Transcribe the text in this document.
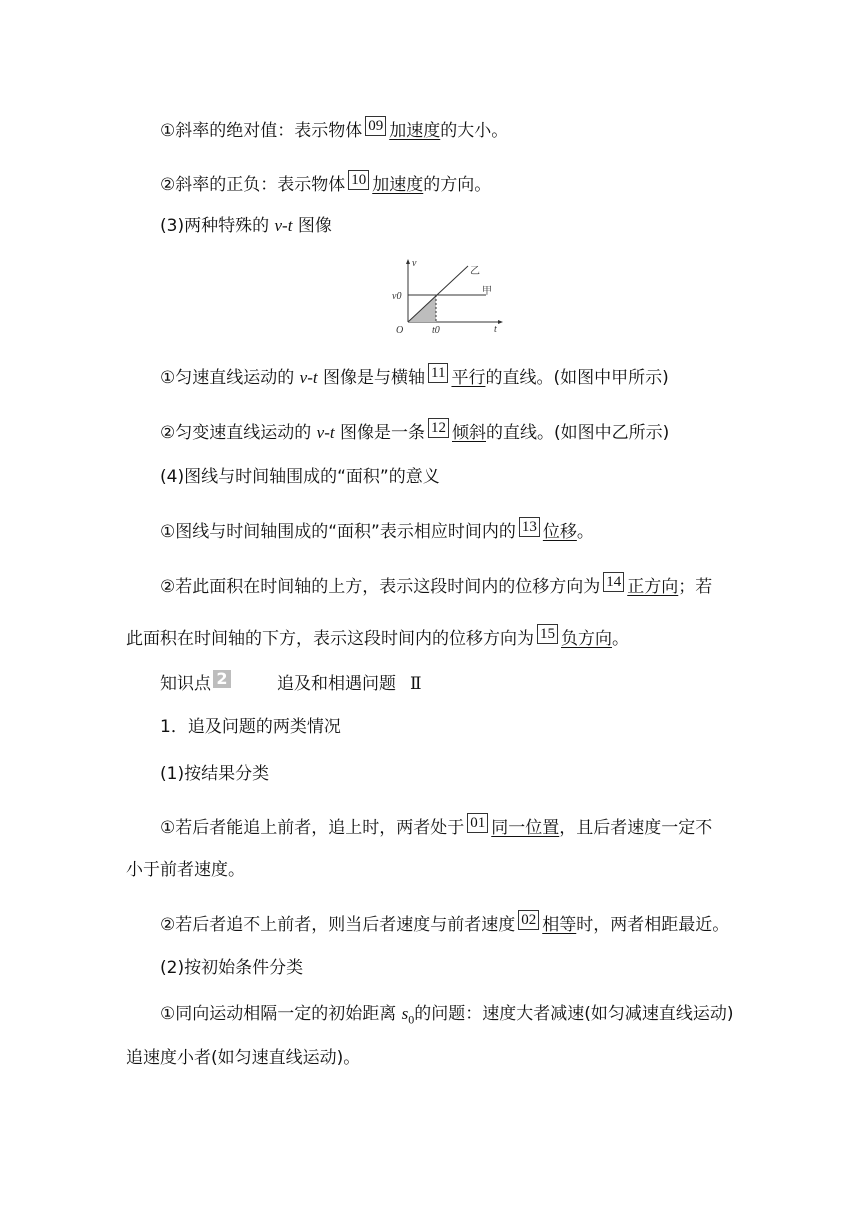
①斜率的绝对值：表示物体 09 加速度的大小。
②斜率的正负：表示物体 10 加速度的方向。
(3)两种特殊的 v-t 图像
v
v0
O	t0	t
乙
甲
①匀速直线运动的 v-t 图像是与横轴 11 平行的直线。(如图中甲所示)
②匀变速直线运动的 v-t 图像是一条 12 倾斜的直线。(如图中乙所示)
(4)图线与时间轴围成的“面积”的意义
①图线与时间轴围成的“面积”表示相应时间内的 13 位移。
②若此面积在时间轴的上方，表示这段时间内的位移方向为 14 正方向；若
此面积在时间轴的下方，表示这段时间内的位移方向为 15 负方向。
知识点 2	追及和相遇问题 Ⅱ
1．追及问题的两类情况
(1)按结果分类
①若后者能追上前者，追上时，两者处于 01 同一位置，且后者速度一定不
小于前者速度。
②若后者追不上前者，则当后者速度与前者速度 02 相等时，两者相距最近。
(2)按初始条件分类
①同向运动相隔一定的初始距离 $s_0$的问题：速度大者减速(如匀减速直线运动)
追速度小者(如匀速直线运动)。
